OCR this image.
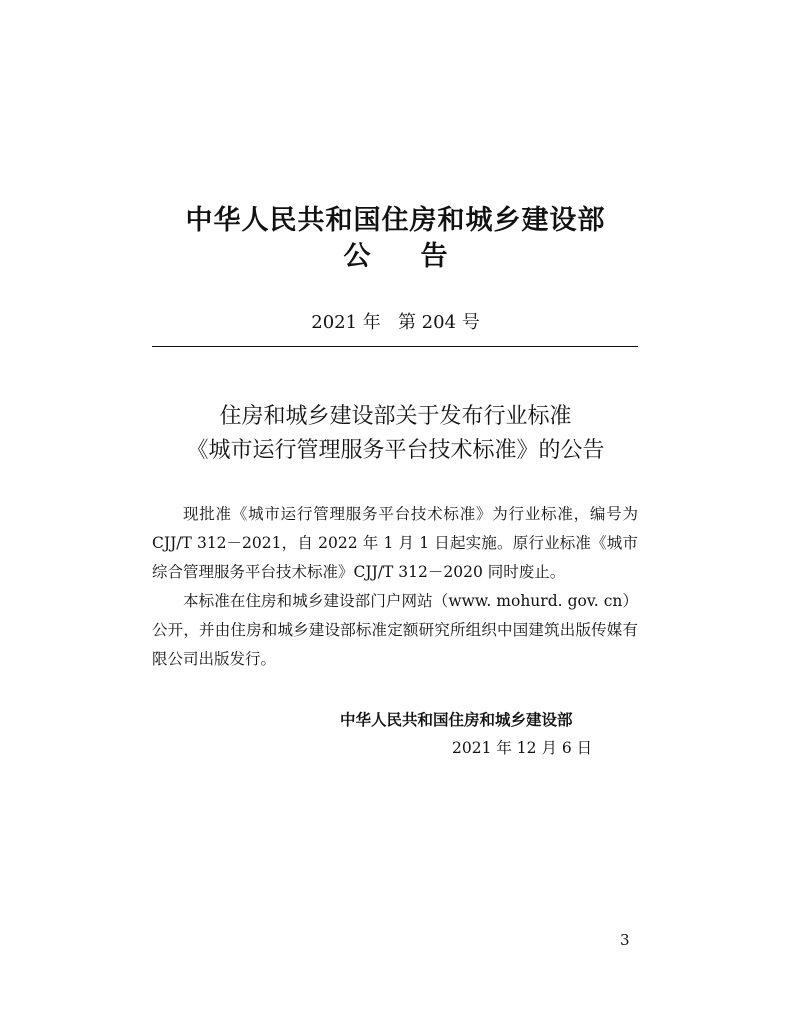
中华人民共和国住房和城乡建设部
公告
2021 年   第 204 号
住房和城乡建设部关于发布行业标准
《城市运行管理服务平台技术标准》的公告

现批准《城市运行管理服务平台技术标准》为行业标准，编号为 CJJ/T 312－2021，自 2022 年 1 月 1 日起实施。原行业标准《城市综合管理服务平台技术标准》CJJ/T 312－2020 同时废止。

本标准在住房和城乡建设部门户网站（www. mohurd. gov. cn）公开，并由住房和城乡建设部标准定额研究所组织中国建筑出版传媒有限公司出版发行。

中华人民共和国住房和城乡建设部
2021 年 12 月 6 日
3
